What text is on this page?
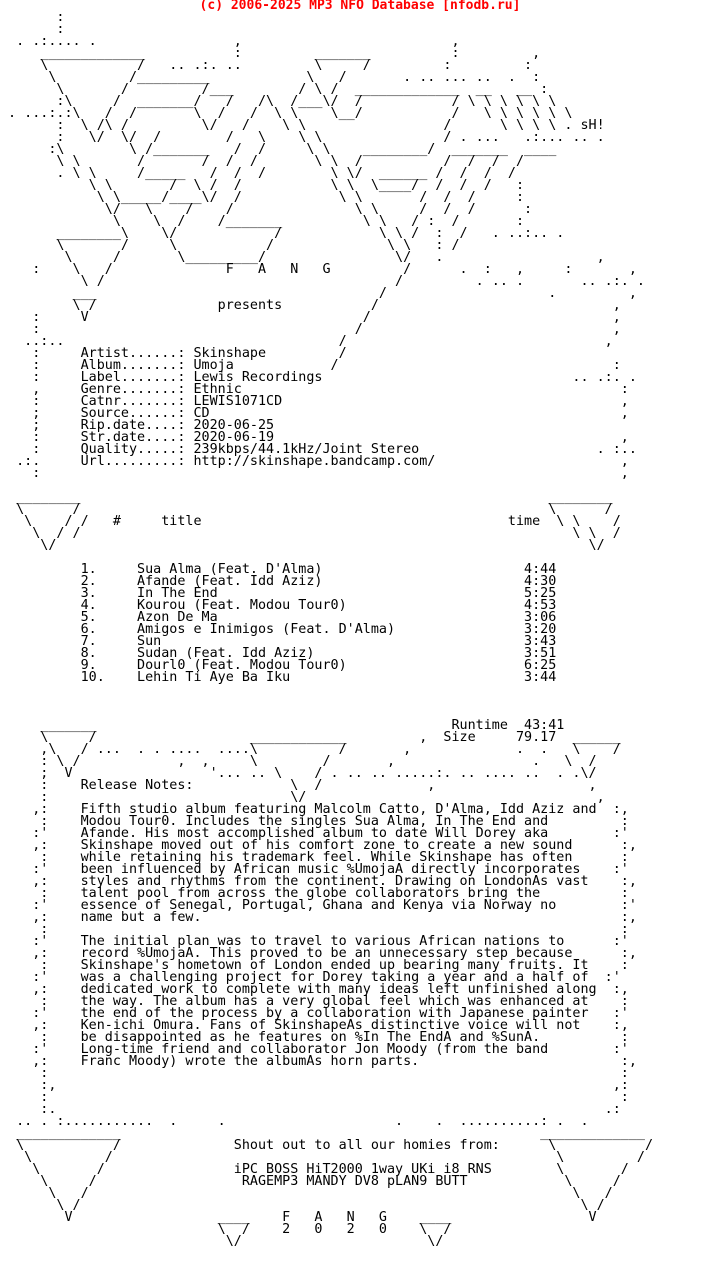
(c) 2006-2025 MP3 NFO Database [nfodb.ru]
:
:
. .:.... .                 ,                          ,
_____________           :         _______          :         ,
\           /   .. .:. ..         \     /         :         :
\         /_________            \   /       . .. ... ..  .  :
\       /         /___        / \ /  _____________  __   __ :
:\     /  _______/   /   /\  /___\/  /           / \ \ \ \ \ \
. ...:.:\   /  /       \  /   /  \ \    \__/           /   \ \ \ \ \ \
:  \ /\ /         \/   /    \ \                 /      \ \ \ \ . sH!
:   \/  \/  /        /   \    \ \               / . ...   .:... .. .
:\        \ /_______   /  /     \ \    ________/  _______  ____
\ \       /       /  /  /       \ \  /          /  /  /  /
. \ \     /_____   /  /  /        \ \/  ______ /  /  /  /
\ \       /  \ /  /           \ \  \____/  /  /  /   :
\ \_____/____\/  /            \ \       /  /  /     :
\/   \    /    /               \ \     /  /  /      :
\    \  /    /_______          \ \   / :  /       :
________\    \/            /            \ \ /  :  /   . ..:.. .
\       /     \           /              \ \   : /
\     /       \_________/                \/   .                   ,
:    \   /              F   A   N   G         /      .  :   ,     :       ,
\ /                                    /         . .. .       .. .:. .
___                                   /                    .         ,
\ /               presents           /                             ,
:     V                                  /                              ,
:                                       /                               ,
..:..                                  /                                ,
:     Artist......: Skinshape         /
:     Album.......: Umoja            /                                  :
:     Label.......: Lewis Recordings                               .. .:. .
,     Genre.......: Ethnic                                               :
:     Catnr.......: LEWIS1071CD                                          ,
;     Source......: CD                                                   ,
;     Rip.date....: 2020-06-25
:     Str.date....: 2020-06-19                                           ,
:     Quality.....: 239kbps/44.1kHz/Joint Stereo                      . :..
.:.     Url.........: http://skinshape.bandcamp.com/                       ,
:                                                                        ,

________                                                          ________
\      /                                                          \      /
\    / /   #     title                                      time  \ \    /
\  / /                                                             \ \  /
\/                                                                  \/

1.     Sua Alma (Feat. D'Alma)                         4:44
2.     Afande (Feat. Idd Aziz)                         4:30
3.     In The End                                      5:25
4.     Kourou (Feat. Modou Tour0)                      4:53
5.     Azon De Ma                                      3:06
6.     Amigos e Inimigos (Feat. D'Alma)                3:20
7.     Sun                                             3:43
8.     Sudan (Feat. Idd Aziz)                          3:51
9.     Dourl0 (Feat. Modou Tour0)                      6:25
10.    Lehin Ti Aye Ba Iku                             3:44

_______                                            Runtime  43:41
\     /                   ____________         ,  Size     79.17  ______
,\   / ...  . . ....  ....\          /       ,             .  .   \    /
: \ /            ,  ,     \        /       ,                 .   \  /
;  V                 '... .. \    / . .. .. .....:. .. .... ..  . .\/
:    Release Notes:            \  /             ,                   ,
:                              \/                                    ,
,:    Fifth studio album featuring Malcolm Catto, D'Alma, Idd Aziz and  :,
:    Modou Tour0. Includes the singles Sua Alma, In The End and         :
:'    Afande. His most accomplished album to date Will Dorey aka        :'
,:    Skinshape moved out of his comfort zone to create a new sound      :,
:    while retaining his trademark feel. While Skinshape has often      :
:'    been influenced by African music %UmojaA directly incorporates    :'
,:    styles and rhythms from the continent. Drawing on LondonAs vast    :,
:    talent pool from across the globe collaborators bring the          :
:'    essence of Senegal, Portugal, Ghana and Kenya via Norway no        :'
,:    name but a few.                                                    :,
:                                                                       :
:'    The initial plan was to travel to various African nations to      :'
,:    record %UmojaA. This proved to be an unnecessary step because      :,
:    Skinshape's hometown of London ended up bearing many fruits. It    :
:'    was a challenging project for Dorey taking a year and a half of  :'
,:    dedicated work to complete with many ideas left unfinished along  :,
:    the way. The album has a very global feel which was enhanced at    :
:'    the end of the process by a collaboration with Japanese painter   :'
,:    Ken-ichi Omura. Fans of SkinshapeAs distinctive voice will not    :,
:    be disappointed as he features on %In The EndA and %SunA.          :
:'    Long-time friend and collaborator Jon Moody (from the band        :'
,:    Franc Moody) wrote the albumAs horn parts.                         :,
:                                                                       :
:,                                                                     ,:
:                                                                       :
:.                                                                    .:
.. . :...........  .     .                     .    .  ..........: .  .
_____________                                                    _____________
\           /              Shout out to all our homies from:      \           /
\         /                                                       \         /
\       /                iPC BOSS HiT2000 1way UKi i8 RNS        \       /
\     /                  RAGEMP3 MANDY DV8 pLAN9 BUTT            \     /
\   /                                                            \   /
\ /                                                              \ /
V                  ____    F   A   N   G    ____                 V
\  /    2   0   2   0    \  /
\/                       \/
